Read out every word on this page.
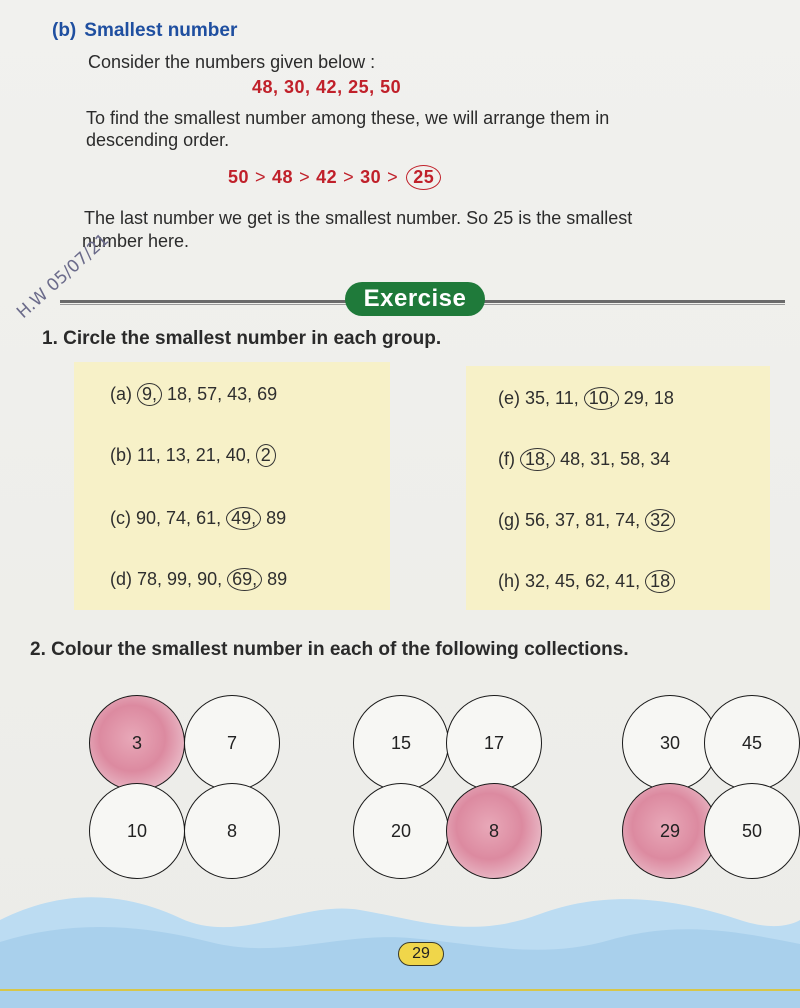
(b) Smallest number
Consider the numbers given below :
48, 30, 42, 25, 50
To find the smallest number among these, we will arrange them in
descending order.
50 > 48 > 42 > 30 > 25
The last number we get is the smallest number. So 25 is the smallest
number here.
H.W 05/07/21	Exercise
1. Circle the smallest number in each group.
(a) 9, 18, 57, 43, 69
(b) 11, 13, 21, 40, 2
(c) 90, 74, 61, 49, 89
(d) 78, 99, 90, 69, 89
(e) 35, 11, 10, 29, 18
(f) 18, 48, 31, 58, 34
(g) 56, 37, 81, 74, 32
(h) 32, 45, 62, 41, 18
2. Colour the smallest number in each of the following collections.
3	7
10	8
15	17
20	8
30	45
29	50
29
